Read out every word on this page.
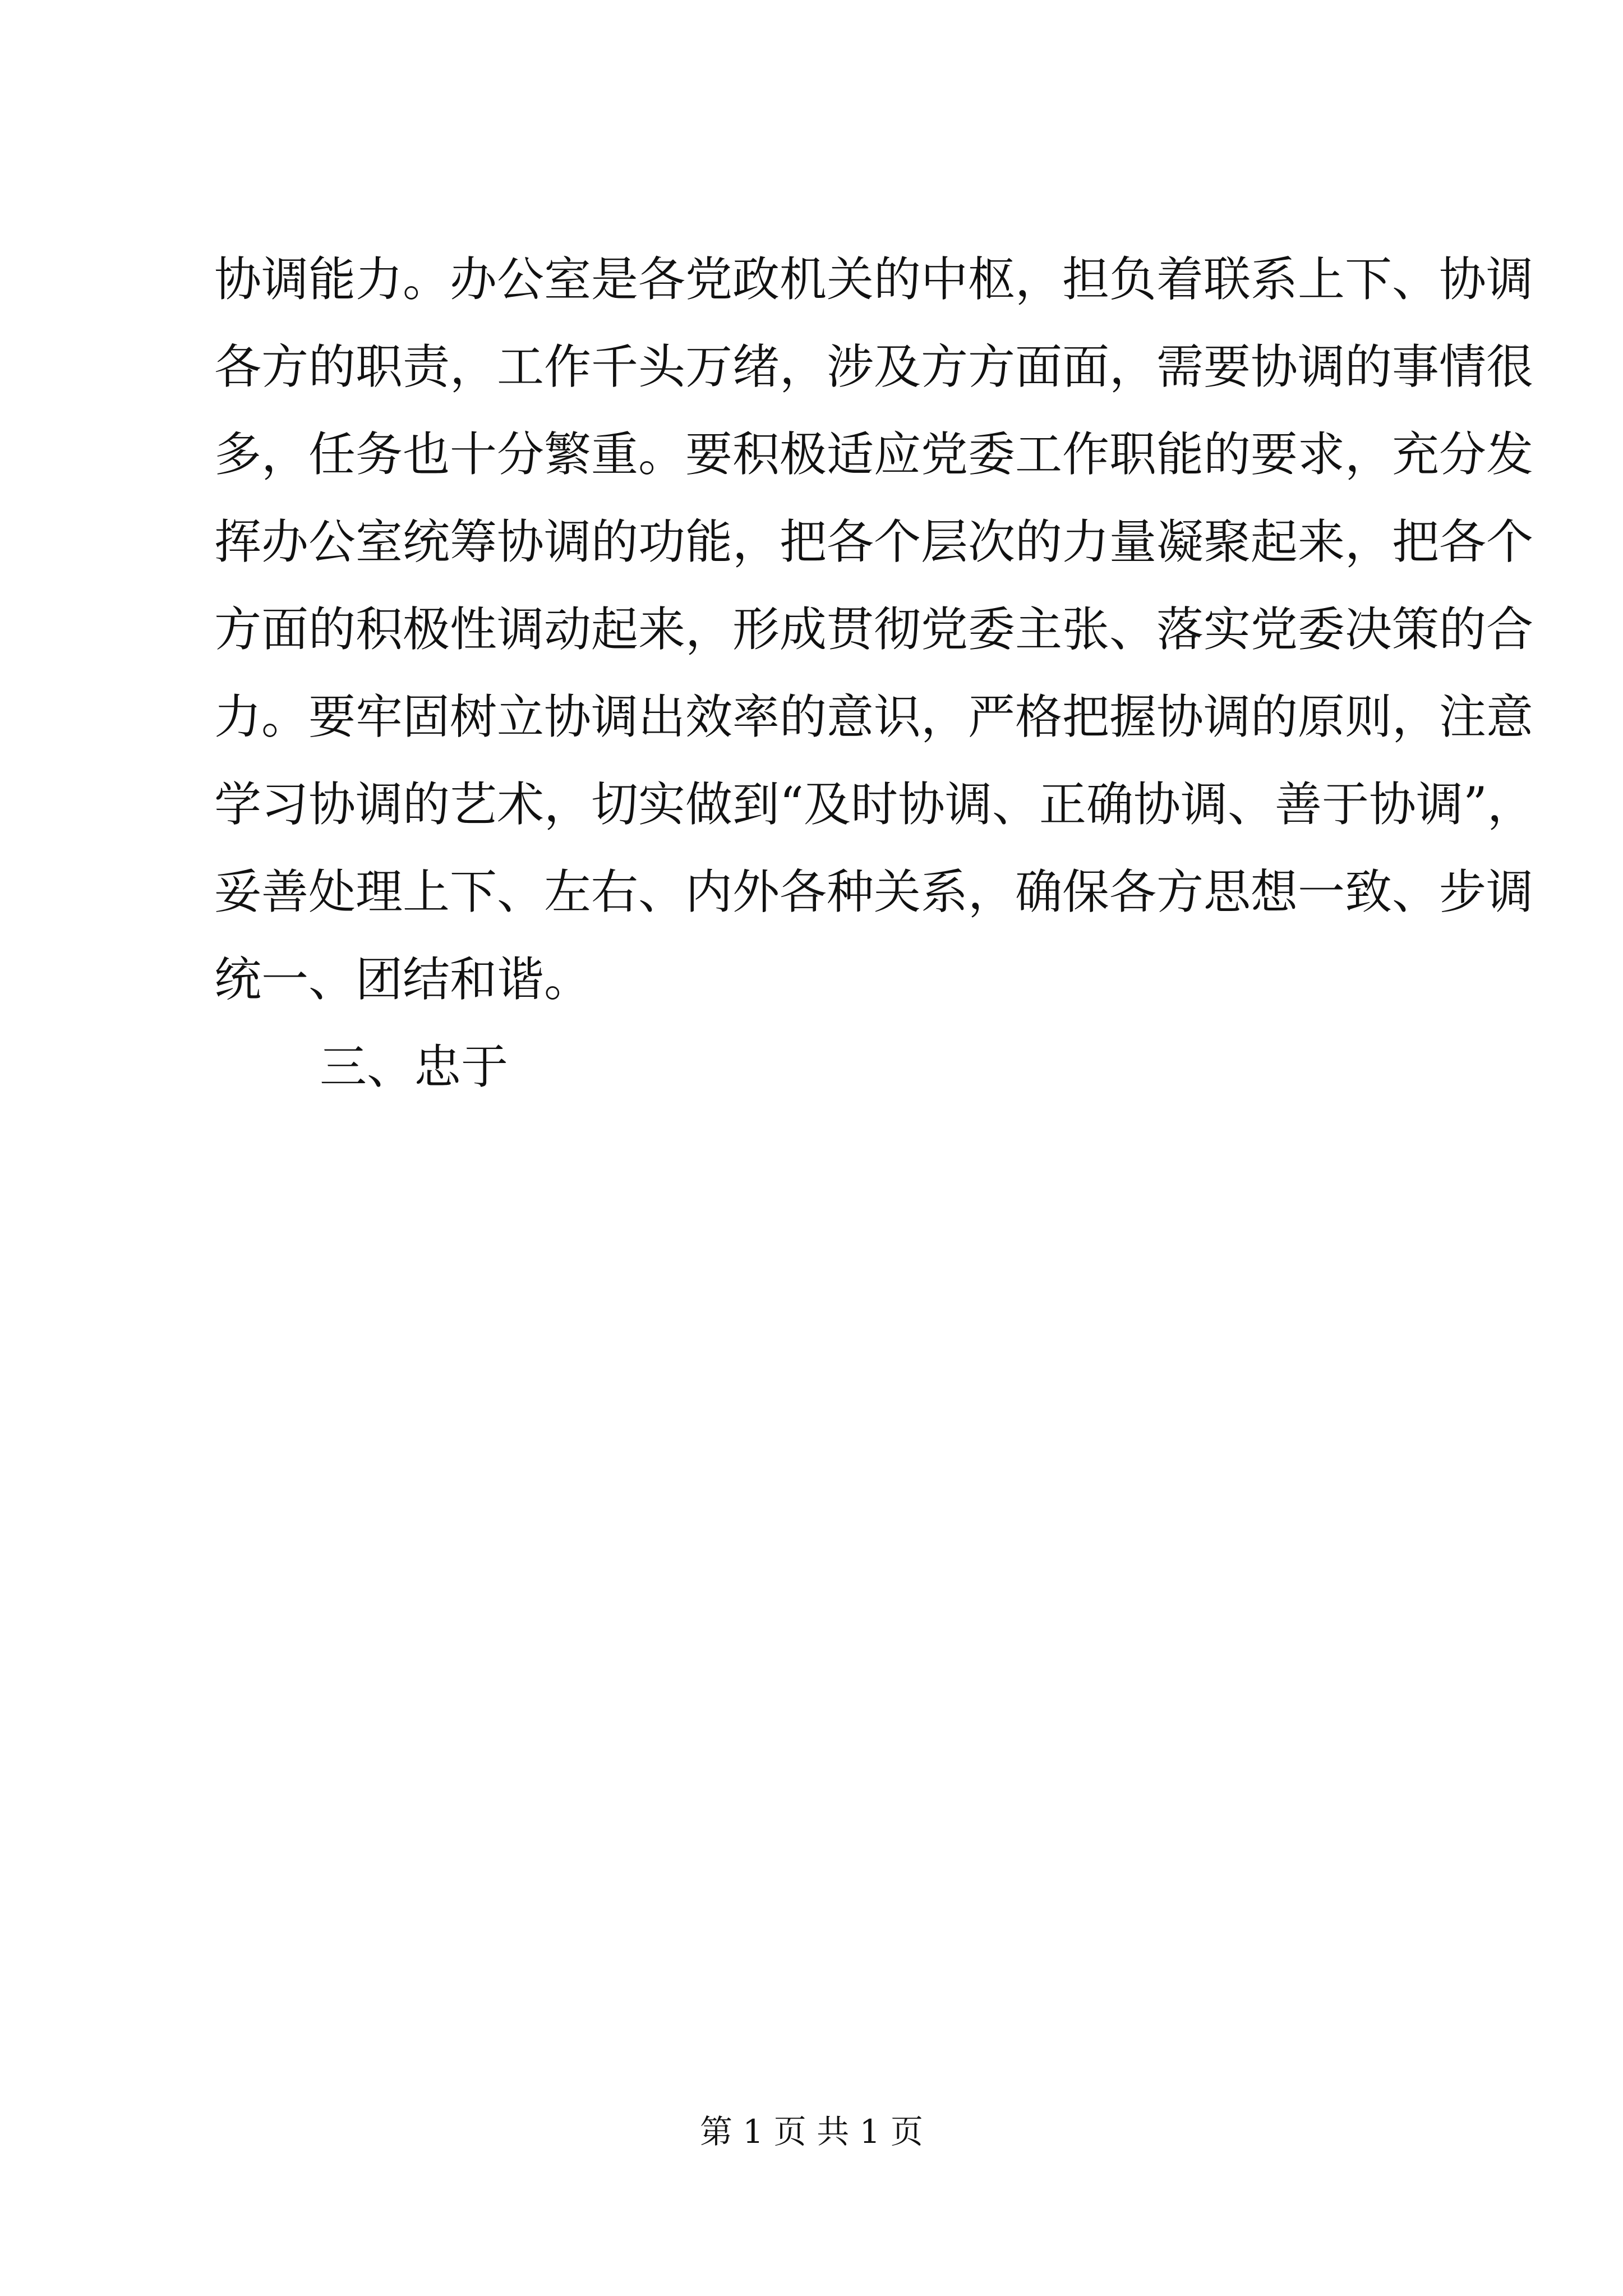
协调能力。办公室是各党政机关的中枢，担负着联系上下、协调
各方的职责，工作千头万绪，涉及方方面面，需要协调的事情很
多，任务也十分繁重。要积极适应党委工作职能的要求，充分发
挥办公室统筹协调的功能，把各个层次的力量凝聚起来，把各个
方面的积极性调动起来，形成贯彻党委主张、落实党委决策的合
力。要牢固树立协调出效率的意识，严格把握协调的原则，注意
学习协调的艺术，切实做到“及时协调、正确协调、善于协调”，
妥善处理上下、左右、内外各种关系，确保各方思想一致、步调
统一、团结和谐。
三、忠于
第 1 页 共 1 页
